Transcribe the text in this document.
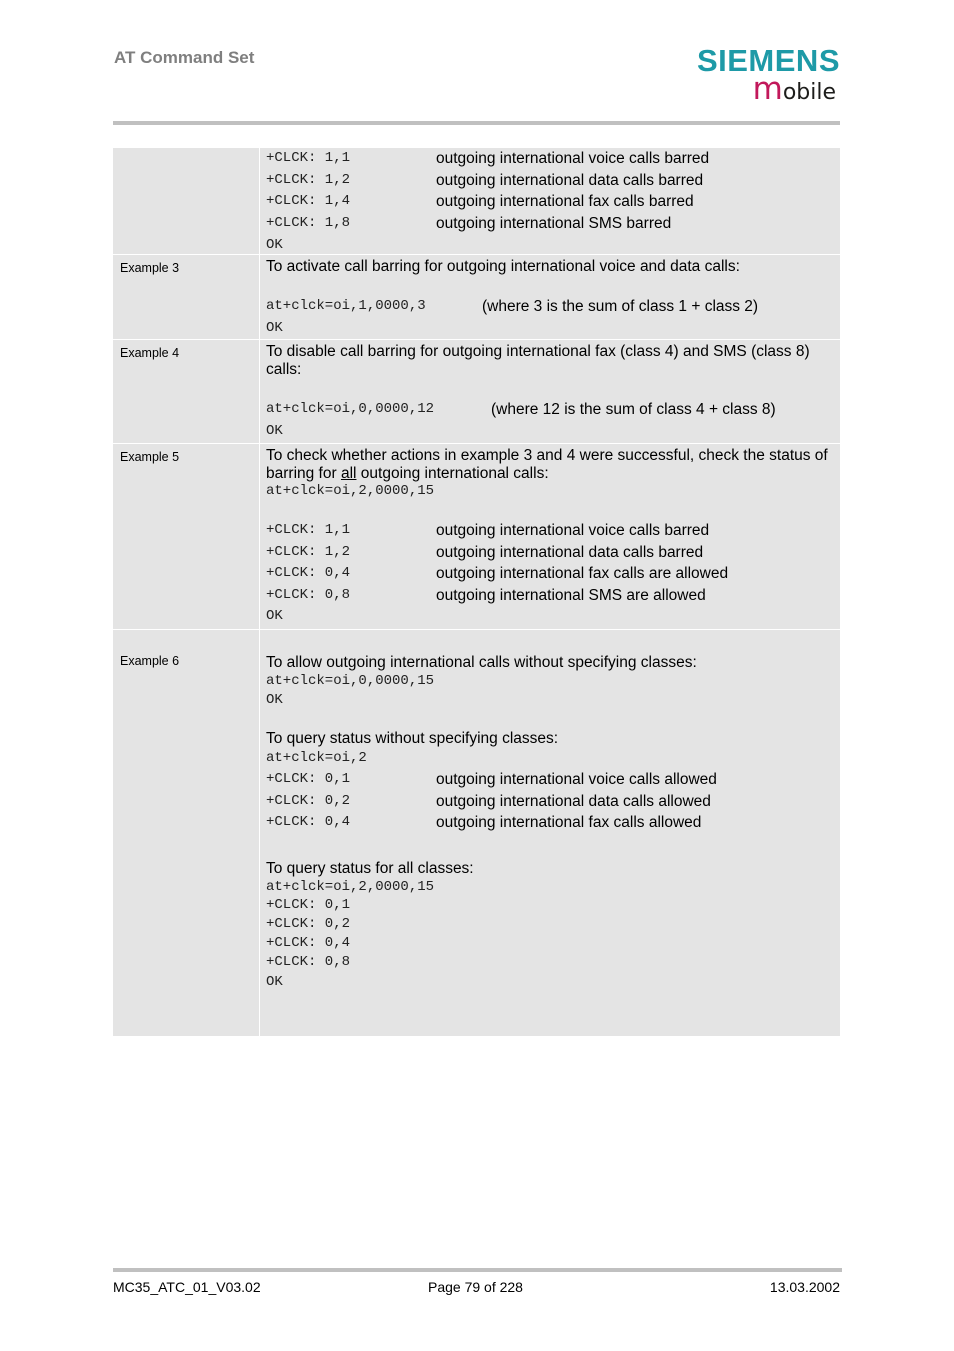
AT Command Set	SIEMENS
mobile
+CLCK: 1,1	outgoing international voice calls barred
+CLCK: 1,2	outgoing international data calls barred
+CLCK: 1,4	outgoing international fax calls barred
+CLCK: 1,8	outgoing international SMS barred
OK
Example 3	To activate call barring for outgoing international voice and data calls:
at+clck=oi,1,0000,3	(where 3 is the sum of class 1 + class 2)
OK
Example 4	To disable call barring for outgoing international fax (class 4) and SMS (class 8) calls:
at+clck=oi,0,0000,12	(where 12 is the sum of class 4 + class 8)
OK
Example 5	To check whether actions in example 3 and 4 were successful, check the status of barring for all outgoing international calls:
at+clck=oi,2,0000,15
+CLCK: 1,1	outgoing international voice calls barred
+CLCK: 1,2	outgoing international data calls barred
+CLCK: 0,4	outgoing international fax calls are allowed
+CLCK: 0,8	outgoing international SMS are allowed
OK
Example 6	To allow outgoing international calls without specifying classes:
at+clck=oi,0,0000,15
OK
To query status without specifying classes:
at+clck=oi,2
+CLCK: 0,1	outgoing international voice calls allowed
+CLCK: 0,2	outgoing international data calls allowed
+CLCK: 0,4	outgoing international fax calls allowed
To query status for all classes:
at+clck=oi,2,0000,15
+CLCK: 0,1
+CLCK: 0,2
+CLCK: 0,4
+CLCK: 0,8
OK
MC35_ATC_01_V03.02	Page 79 of 228	13.03.2002
